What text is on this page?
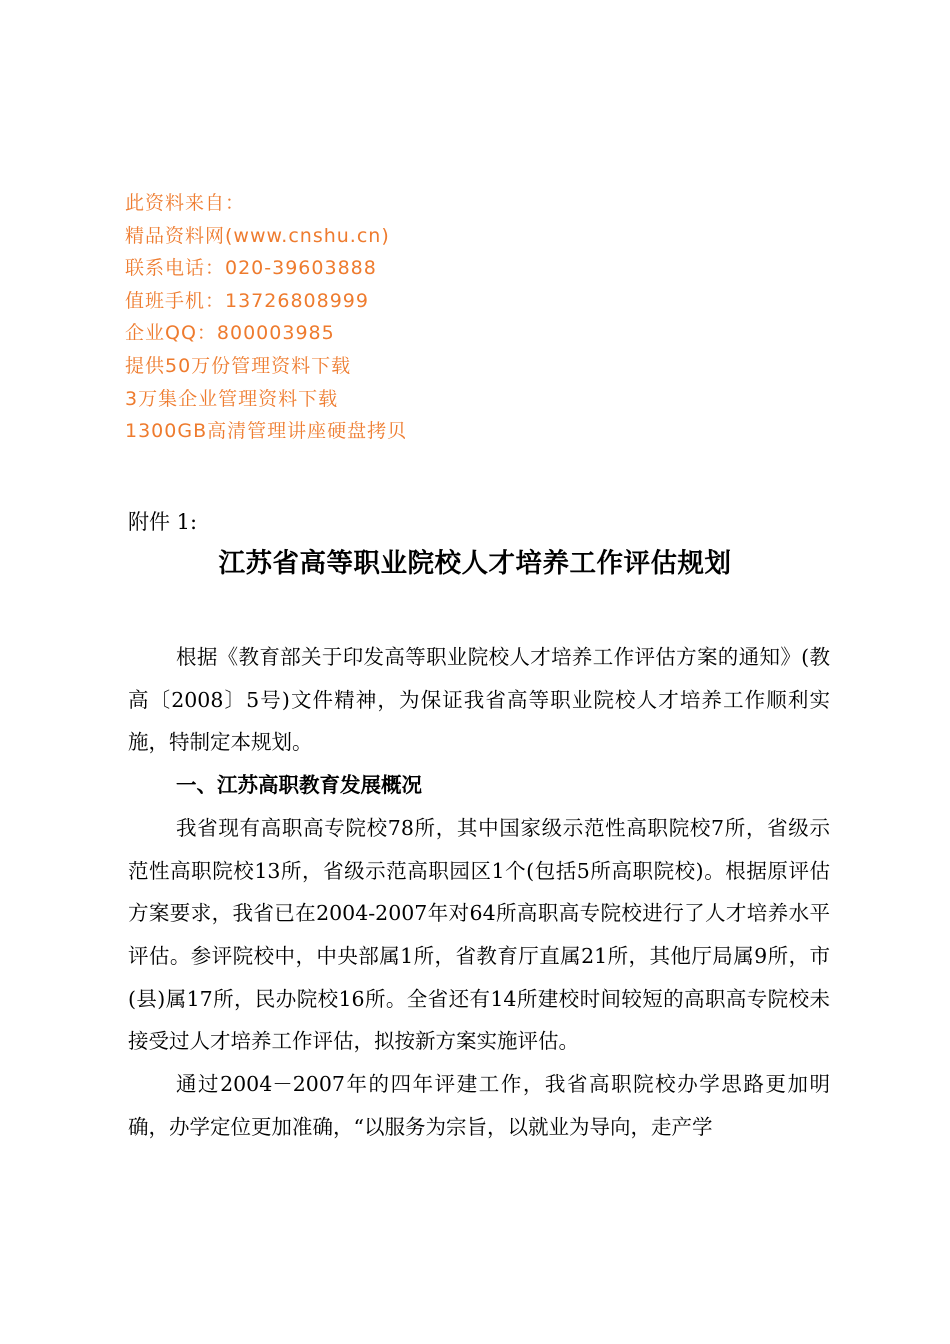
此资料来自：
精品资料网(www.cnshu.cn)
联系电话：020-39603888
值班手机：13726808999
企业QQ：800003985
提供50万份管理资料下载
3万集企业管理资料下载
1300GB高清管理讲座硬盘拷贝
附件 1:
江苏省高等职业院校人才培养工作评估规划

根据《教育部关于印发高等职业院校人才培养工作评估方案的通知》(教高〔2008〕5号)文件精神，为保证我省高等职业院校人才培养工作顺利实施，特制定本规划。

一、江苏高职教育发展概况

我省现有高职高专院校78所，其中国家级示范性高职院校7所，省级示范性高职院校13所，省级示范高职园区1个(包括5所高职院校)。根据原评估方案要求，我省已在2004-2007年对64所高职高专院校进行了人才培养水平评估。参评院校中，中央部属1所，省教育厅直属21所，其他厅局属9所，市(县)属17所，民办院校16所。全省还有14所建校时间较短的高职高专院校未接受过人才培养工作评估，拟按新方案实施评估。

通过2004－2007年的四年评建工作，我省高职院校办学思路更加明确，办学定位更加准确，“以服务为宗旨，以就业为导向，走产学
